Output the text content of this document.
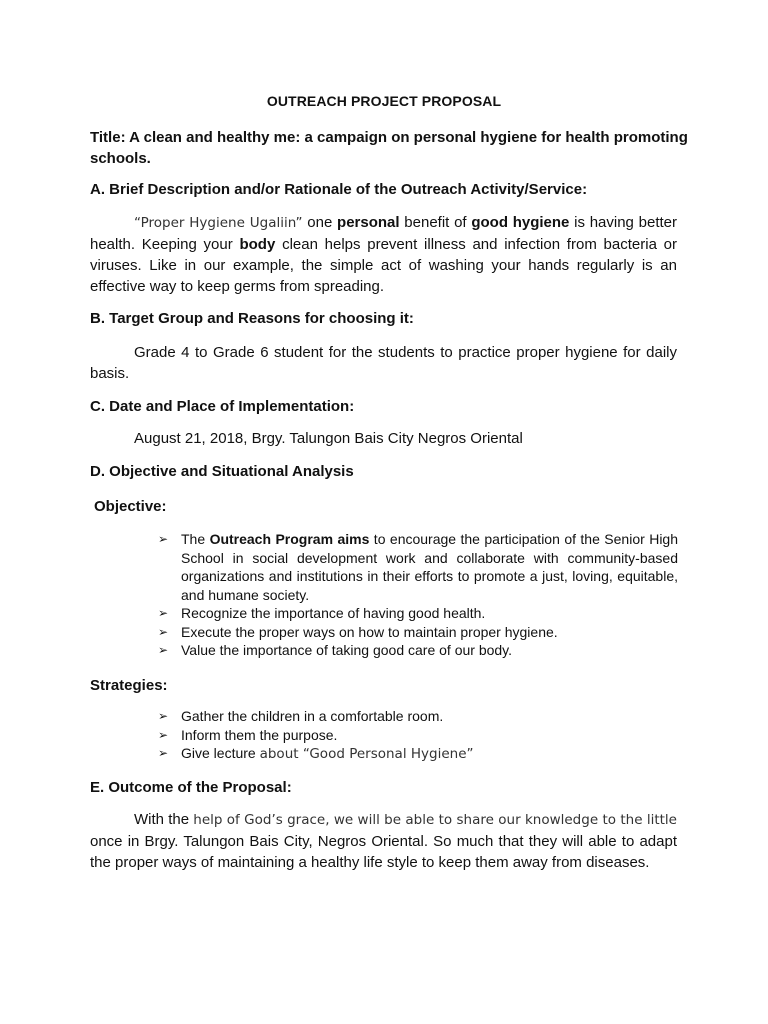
OUTREACH PROJECT PROPOSAL
Title: A clean and healthy me: a campaign on personal hygiene for health promoting schools.
A. Brief Description and/or Rationale of the Outreach Activity/Service:
“Proper Hygiene Ugaliin” one personal benefit of good hygiene is having better health. Keeping your body clean helps prevent illness and infection from bacteria or viruses. Like in our example, the simple act of washing your hands regularly is an effective way to keep germs from spreading.
B. Target Group and Reasons for choosing it:
Grade 4 to Grade 6 student for the students to practice proper hygiene for daily basis.
C. Date and Place of Implementation:
August 21, 2018, Brgy. Talungon Bais City Negros Oriental
D. Objective and Situational Analysis
Objective:
➢ The Outreach Program aims to encourage the participation of the Senior High School in social development work and collaborate with community-based organizations and institutions in their efforts to promote a just, loving, equitable, and humane society.
➢ Recognize the importance of having good health.
➢ Execute the proper ways on how to maintain proper hygiene.
➢ Value the importance of taking good care of our body.
Strategies:
➢ Gather the children in a comfortable room.
➢ Inform them the purpose.
➢ Give lecture about “Good Personal Hygiene”
E. Outcome of the Proposal:
With the help of God’s grace, we will be able to share our knowledge to the little once in Brgy. Talungon Bais City, Negros Oriental. So much that they will able to adapt the proper ways of maintaining a healthy life style to keep them away from diseases.
